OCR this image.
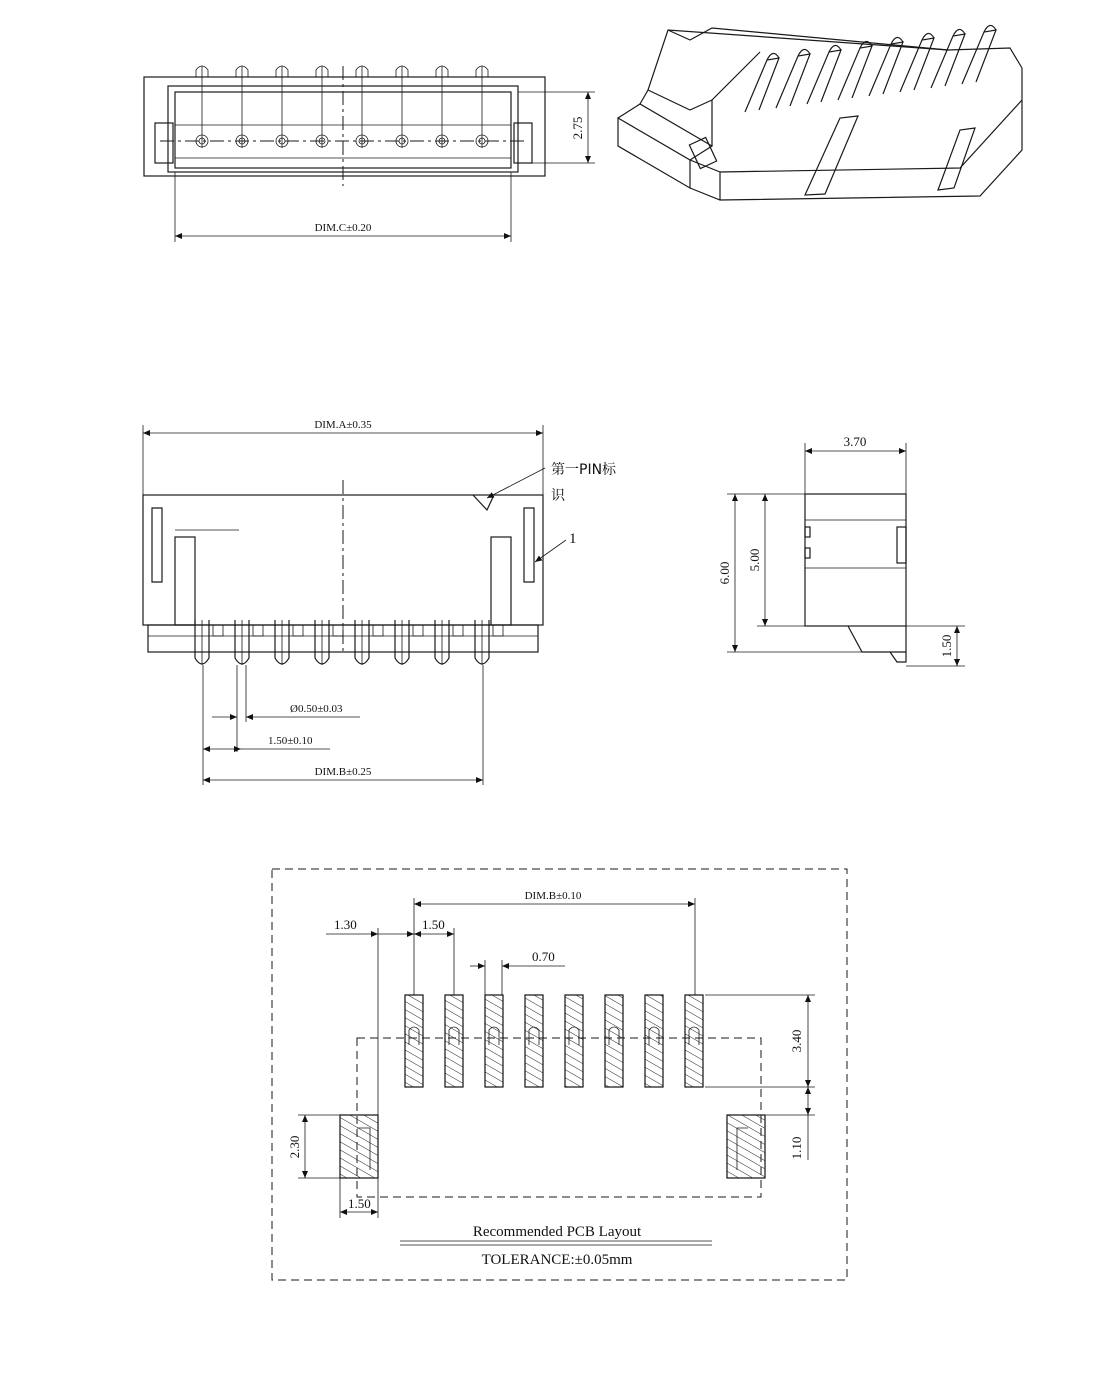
DIM.C±0.20
2.75
DIM.A±0.35
第一PIN标
识
1
Ø0.50±0.03
1.50±0.10
DIM.B±0.25
3.70
6.00
5.00
1.50
DIM.B±0.10
1.30	1.50
0.70
3.40
1.10
2.30
1.50
Recommended PCB Layout
TOLERANCE:±0.05mm
